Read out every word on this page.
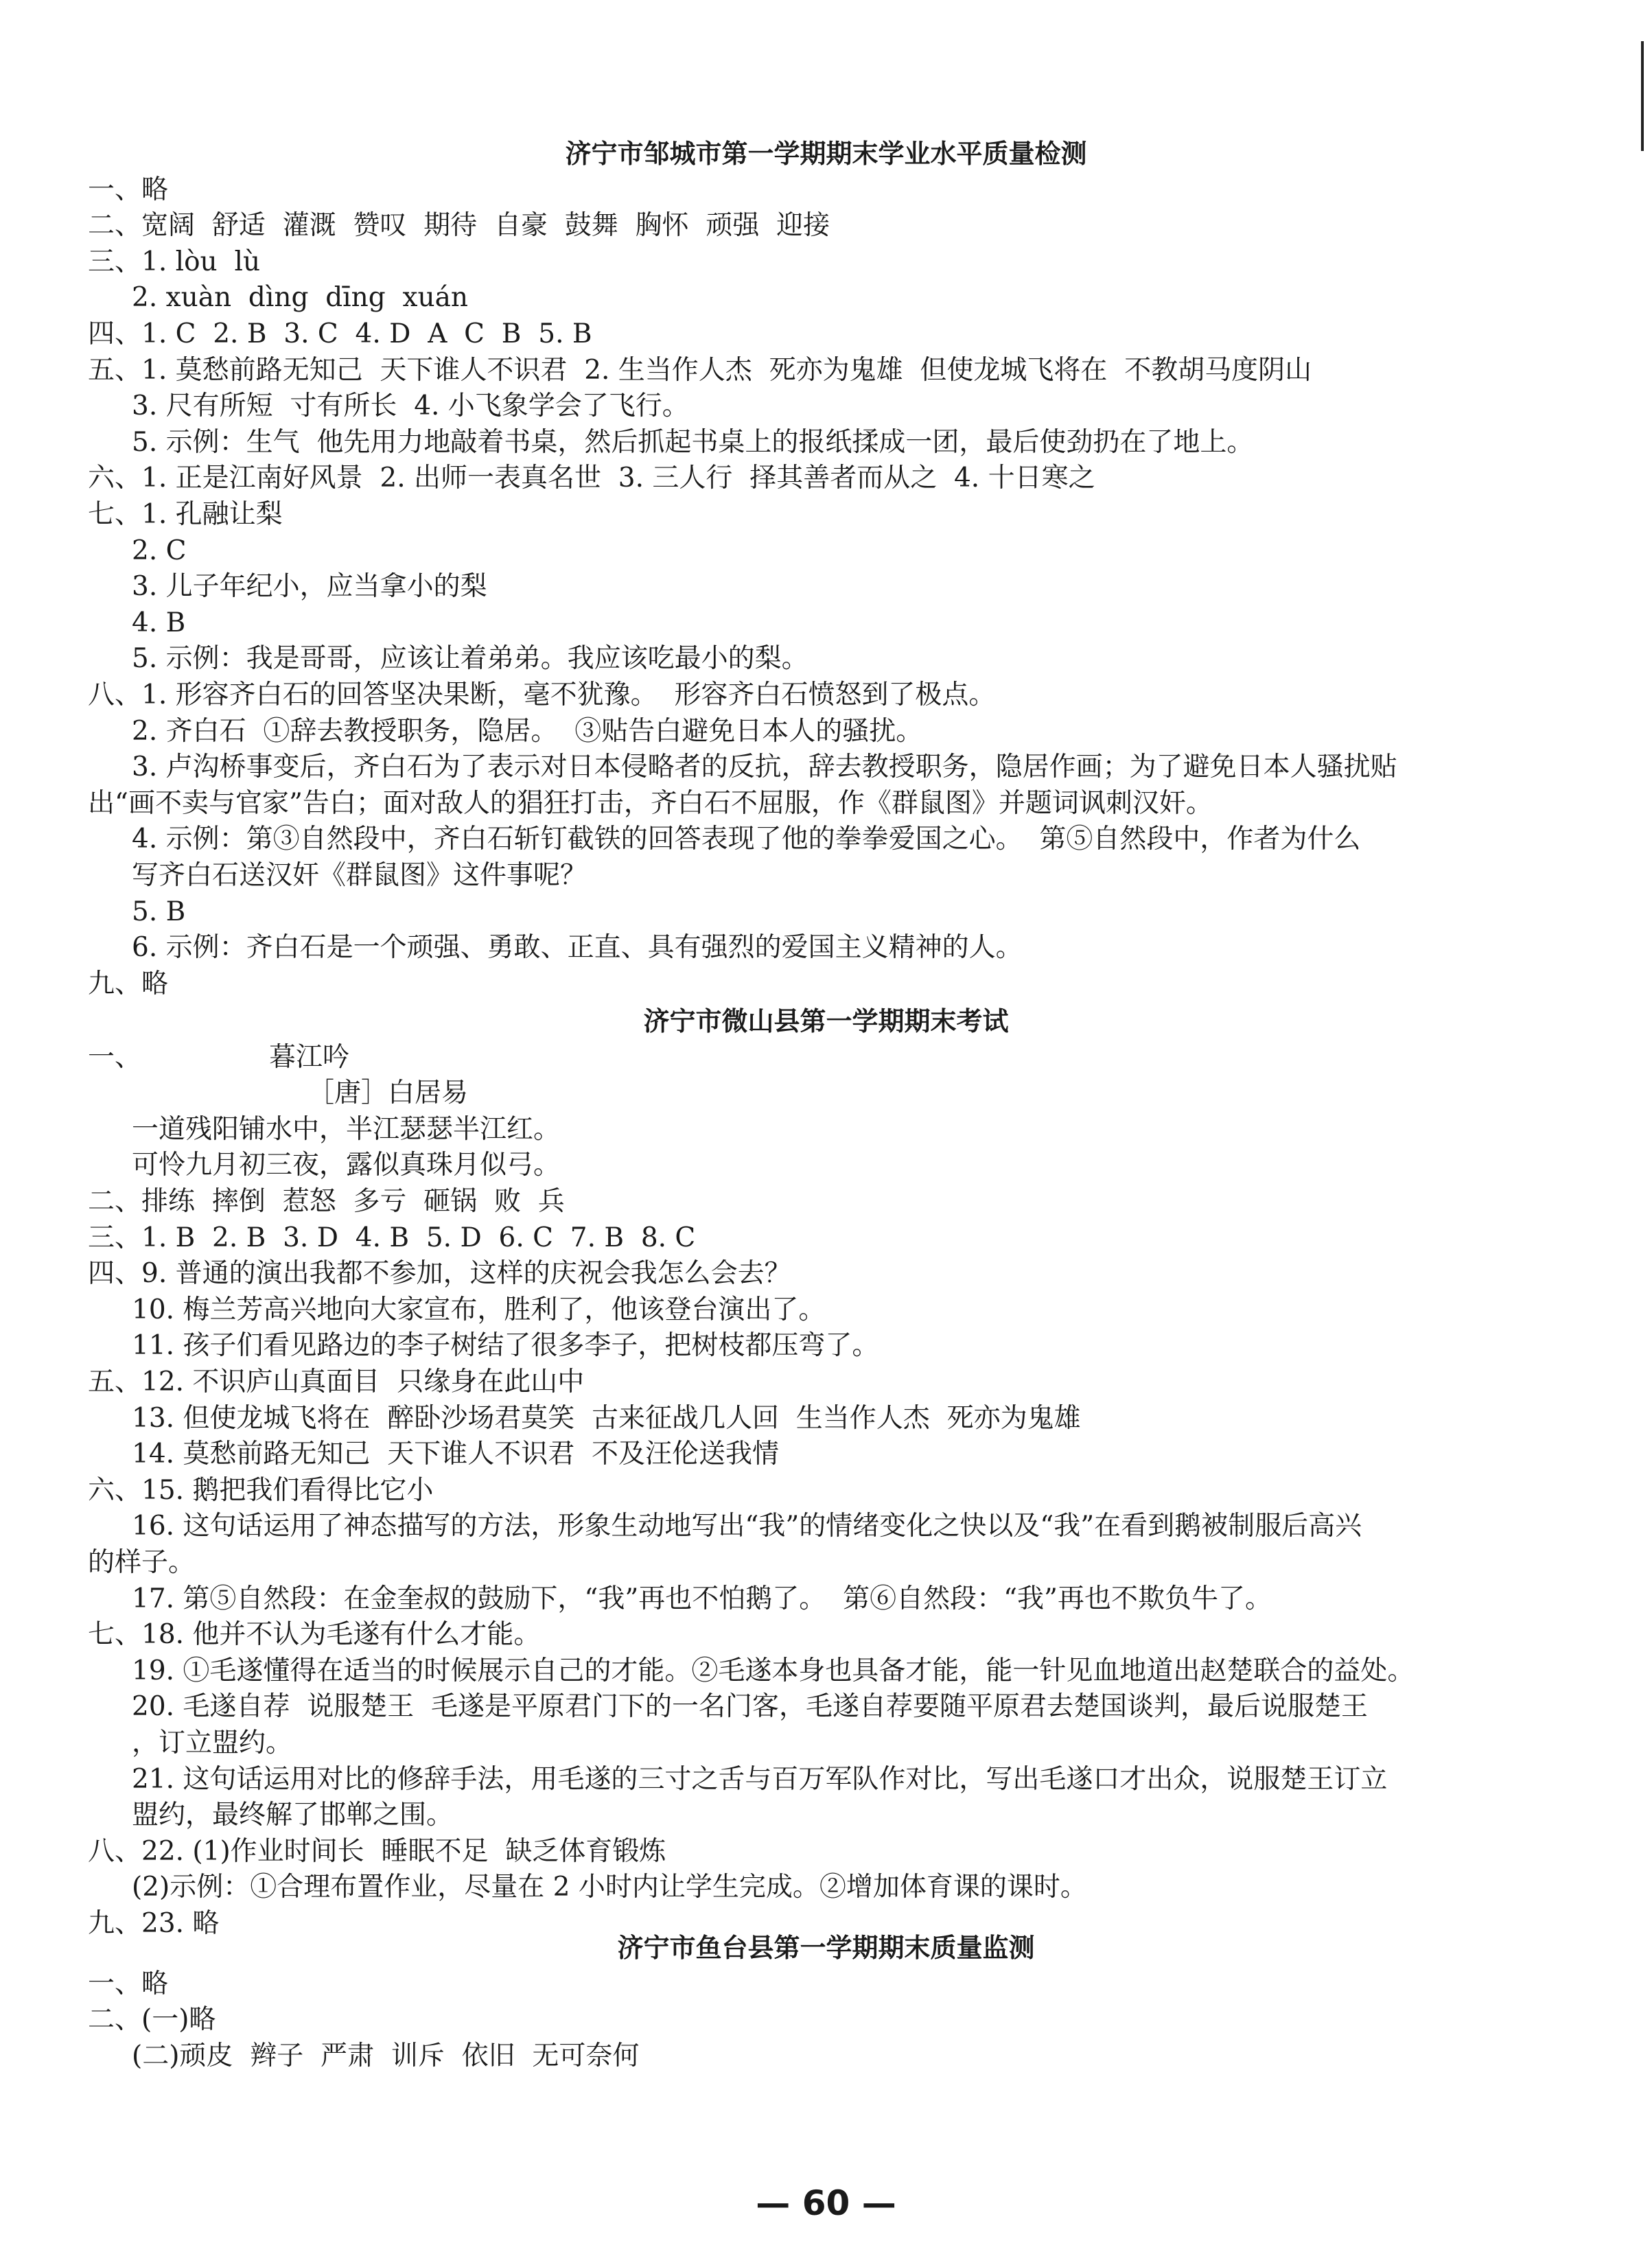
济宁市邹城市第一学期期末学业水平质量检测
一、略
二、宽阔  舒适  灌溉  赞叹  期待  自豪  鼓舞  胸怀  顽强  迎接
三、1. lòu  lù
2. xuàn  dìng  dīng  xuán
四、1. C  2. B  3. C  4. D  A  C  B  5. B
五、1. 莫愁前路无知己  天下谁人不识君  2. 生当作人杰  死亦为鬼雄  但使龙城飞将在  不教胡马度阴山
3. 尺有所短  寸有所长  4. 小飞象学会了飞行。
5. 示例：生气  他先用力地敲着书桌，然后抓起书桌上的报纸揉成一团，最后使劲扔在了地上。
六、1. 正是江南好风景  2. 出师一表真名世  3. 三人行  择其善者而从之  4. 十日寒之
七、1. 孔融让梨
2. C
3. 儿子年纪小，应当拿小的梨
4. B
5. 示例：我是哥哥，应该让着弟弟。我应该吃最小的梨。
八、1. 形容齐白石的回答坚决果断，毫不犹豫。  形容齐白石愤怒到了极点。
2. 齐白石  ①辞去教授职务，隐居。  ③贴告白避免日本人的骚扰。
3. 卢沟桥事变后，齐白石为了表示对日本侵略者的反抗，辞去教授职务，隐居作画；为了避免日本人骚扰贴
出“画不卖与官家”告白；面对敌人的猖狂打击，齐白石不屈服，作《群鼠图》并题词讽刺汉奸。
4. 示例：第③自然段中，齐白石斩钉截铁的回答表现了他的拳拳爱国之心。  第⑤自然段中，作者为什么
写齐白石送汉奸《群鼠图》这件事呢？
5. B
6. 示例：齐白石是一个顽强、勇敢、正直、具有强烈的爱国主义精神的人。
九、略
济宁市微山县第一学期期末考试
一、               暮江吟
［唐］白居易
一道残阳铺水中，半江瑟瑟半江红。
可怜九月初三夜，露似真珠月似弓。
二、排练  摔倒  惹怒  多亏  砸锅  败  兵
三、1. B  2. B  3. D  4. B  5. D  6. C  7. B  8. C
四、9. 普通的演出我都不参加，这样的庆祝会我怎么会去？
10. 梅兰芳高兴地向大家宣布，胜利了，他该登台演出了。
11. 孩子们看见路边的李子树结了很多李子，把树枝都压弯了。
五、12. 不识庐山真面目  只缘身在此山中
13. 但使龙城飞将在  醉卧沙场君莫笑  古来征战几人回  生当作人杰  死亦为鬼雄
14. 莫愁前路无知己  天下谁人不识君  不及汪伦送我情
六、15. 鹅把我们看得比它小
16. 这句话运用了神态描写的方法，形象生动地写出“我”的情绪变化之快以及“我”在看到鹅被制服后高兴
的样子。
17. 第⑤自然段：在金奎叔的鼓励下，“我”再也不怕鹅了。  第⑥自然段：“我”再也不欺负牛了。
七、18. 他并不认为毛遂有什么才能。
19. ①毛遂懂得在适当的时候展示自己的才能。②毛遂本身也具备才能，能一针见血地道出赵楚联合的益处。
20. 毛遂自荐  说服楚王  毛遂是平原君门下的一名门客，毛遂自荐要随平原君去楚国谈判，最后说服楚王
，订立盟约。
21. 这句话运用对比的修辞手法，用毛遂的三寸之舌与百万军队作对比，写出毛遂口才出众，说服楚王订立
盟约，最终解了邯郸之围。
八、22. (1)作业时间长  睡眠不足  缺乏体育锻炼
(2)示例：①合理布置作业，尽量在 2 小时内让学生完成。②增加体育课的课时。
九、23. 略
济宁市鱼台县第一学期期末质量监测
一、略
二、(一)略
(二)顽皮  辫子  严肃  训斥  依旧  无可奈何
— 60 —
